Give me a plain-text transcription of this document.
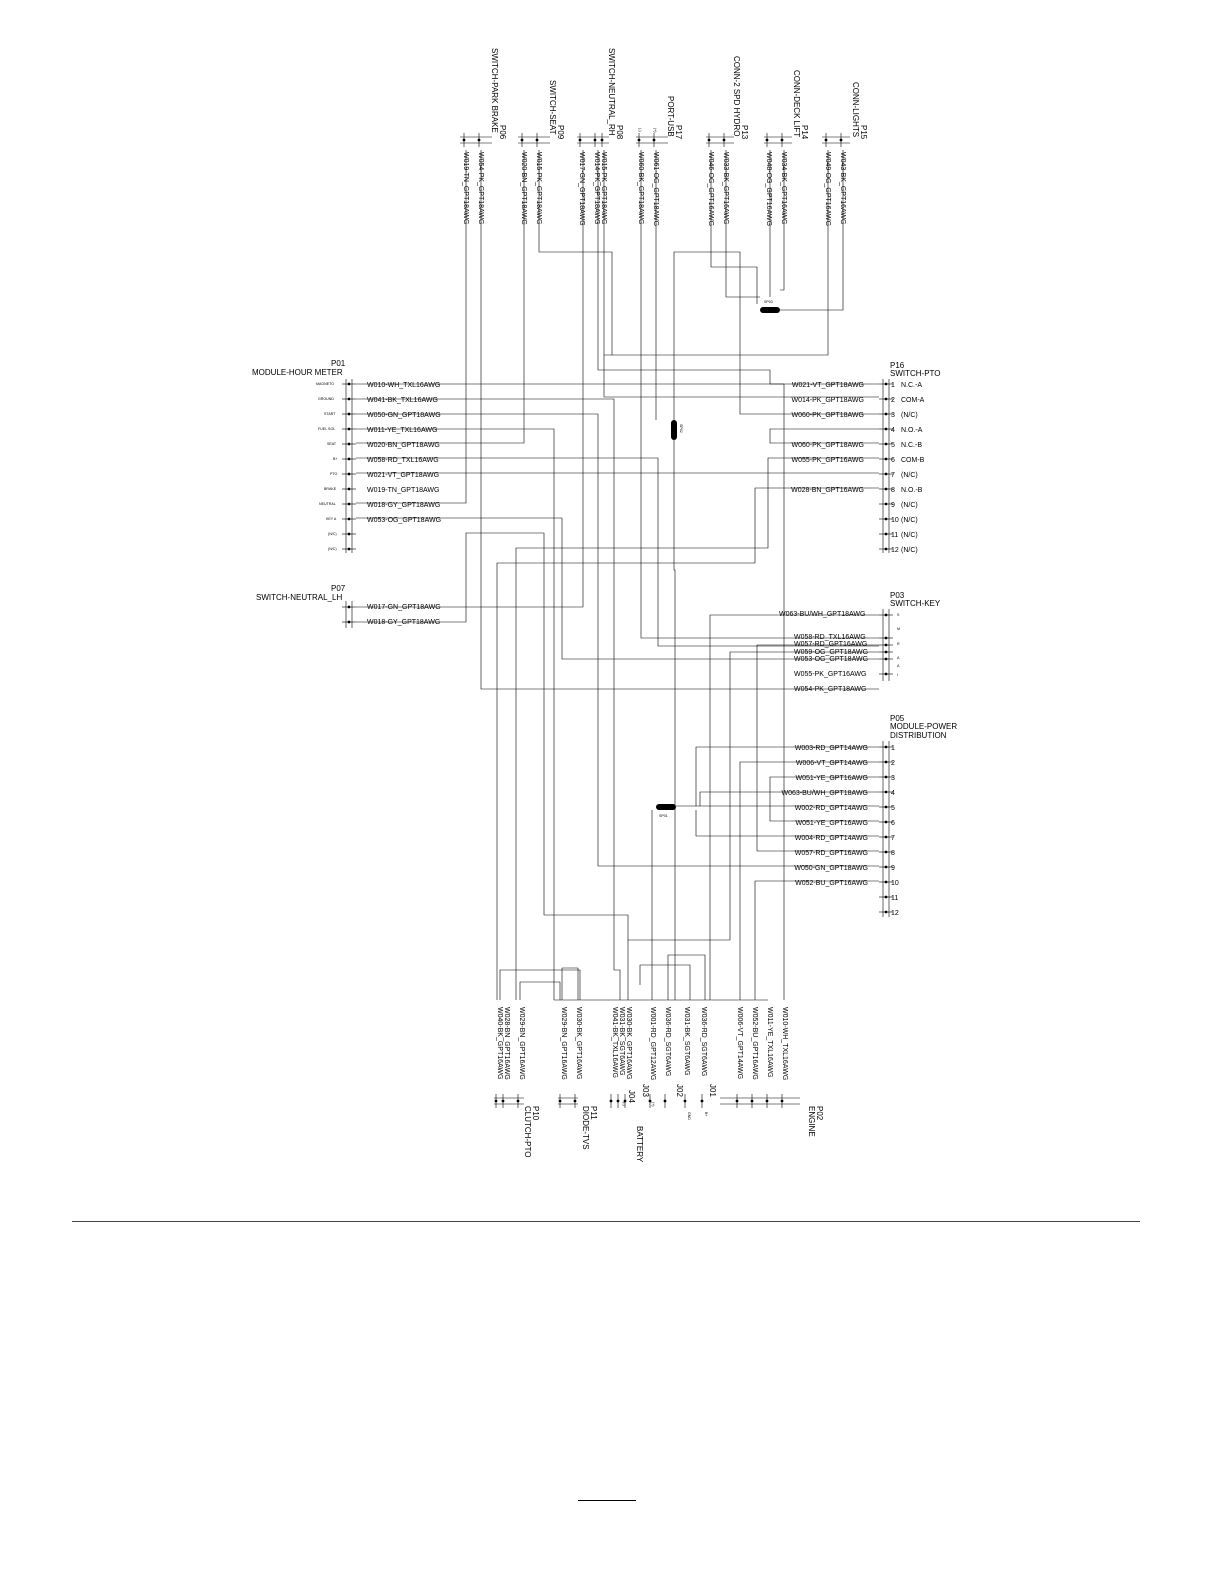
P01
MODULE-HOUR METER
MAGNETO
GROUND
START
FUEL SOL
SEAT
B+
PTO
BRAKE
NEUTRAL
KEY A
(N/C)
(N/C)
W010-WH_TXL16AWG
W041-BK_TXL16AWG
W050-GN_GPT18AWG
W011-YE_TXL16AWG
W020-BN_GPT18AWG
W058-RD_TXL16AWG
W021-VT_GPT18AWG
W019-TN_GPT18AWG
W018-GY_GPT18AWG
W053-OG_GPT18AWG
P07
SWITCH-NEUTRAL_LH
W017-GN_GPT18AWG
W018-GY_GPT18AWG
P16
SWITCH-PTO
P03
SWITCH-KEY
S
M
R
A
A
I
W063-BU/WH_GPT18AWG
W058-RD_TXL16AWG
W057-RD_GPT16AWG
W059-OG_GPT18AWG
W053-OG_GPT18AWG
W055-PK_GPT16AWG
W054-PK_GPT18AWG
P05
MODULE-POWER
DISTRIBUTION
SWITCH-PARK BRAKE P06
W019-TN_GPT18AWG W054-PK_GPT18AWG
SWITCH-SEAT P09
W020-BN_GPT18AWG W015-PK_GPT18AWG
SWITCH-NEUTRAL_RH P08
W017-GN_GPT18AWG W014-PK_GPT18AWG W015-PK_GPT18AWG
PORT-USB P17
(-)	(+)
W060-BK_GPT18AWG W061-OG_GPT18AWG
CONN-2 SPD HYDRO P13
W046-OG_GPT16AWG W033-BK_GPT16AWG
CONN-DECK LIFT P14
W048-OG_GPT16AWG W034-BK_GPT16AWG
CONN-LIGHTS P15
W049-OG_GPT16AWG W043-BK_GPT16AWG
SP03
SP02
SP01
P10
CLUTCH-PTO
W040-BK_GPT16AWG W028-BN_GPT16AWG W029-BN_GPT16AWG
P11
DIODE-TVS
W029-BN_GPT16AWG W030-BK_GPT16AWG	W041-BK_TXL16AWG W031-BK_SGT6AWG W030-BK_GPT16AWG
J04
(-)
W001-RD_GPT12AWG W036-RD_SGT6AWG
J03
(+)
BATTERY
W031-BK_SGT6AWG
J02
GND
W036-RD_SGT6AWG
J01
B+
W006-VT_GPT14AWG W052-BU_GPT16AWG W011-YE_TXL16AWG W010-WH_TXL16AWG
P02
ENGINE
1 N.C.-A
W021-VT_GPT18AWG
2 COM-A
W014-PK_GPT18AWG
3 (N/C)
W060-PK_GPT18AWG
4 N.O.-A
5 N.C.-B
W060-PK_GPT18AWG
6 COM-B
W055-PK_GPT16AWG
7 (N/C)
8 N.O.-B
W028-BN_GPT16AWG
9 (N/C)
10 (N/C)
11 (N/C)
12 (N/C)
1
W003-RD_GPT14AWG
2
W006-VT_GPT14AWG
3
W051-YE_GPT16AWG
4
W063-BU/WH_GPT18AWG
5
W002-RD_GPT14AWG
6
W051-YE_GPT16AWG
7
W004-RD_GPT14AWG
8
W057-RD_GPT16AWG
9
W050-GN_GPT18AWG
10
W052-BU_GPT16AWG
11
12
